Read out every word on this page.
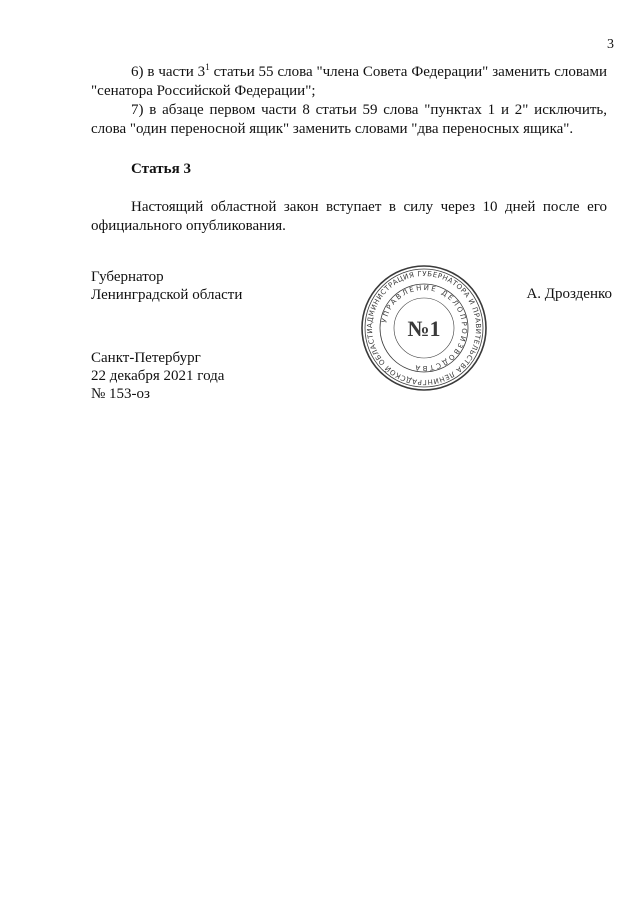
3

6) в части $3^1$ статьи 55 слова "члена Совета Федерации" заменить словами "сенатора Российской Федерации";

7) в абзаце первом части 8 статьи 59 слова "пунктах 1 и 2" исключить, слова "один переносной ящик" заменить словами "два переносных ящика".

Статья 3

Настоящий областной закон вступает в силу через 10 дней после его официального опубликования.

Губернатор
Ленинградской области
АДМИНИСТРАЦИЯ ГУБЕРНАТОРА И ПРАВИТЕЛЬСТВА ЛЕНИНГРАДСКОЙ ОБЛАСТИ
УПРАВЛЕНИЕ ДЕЛОПРОИЗВОДСТВА
№1
А. Дрозденко
Санкт-Петербург
22 декабря 2021 года
№ 153-оз
